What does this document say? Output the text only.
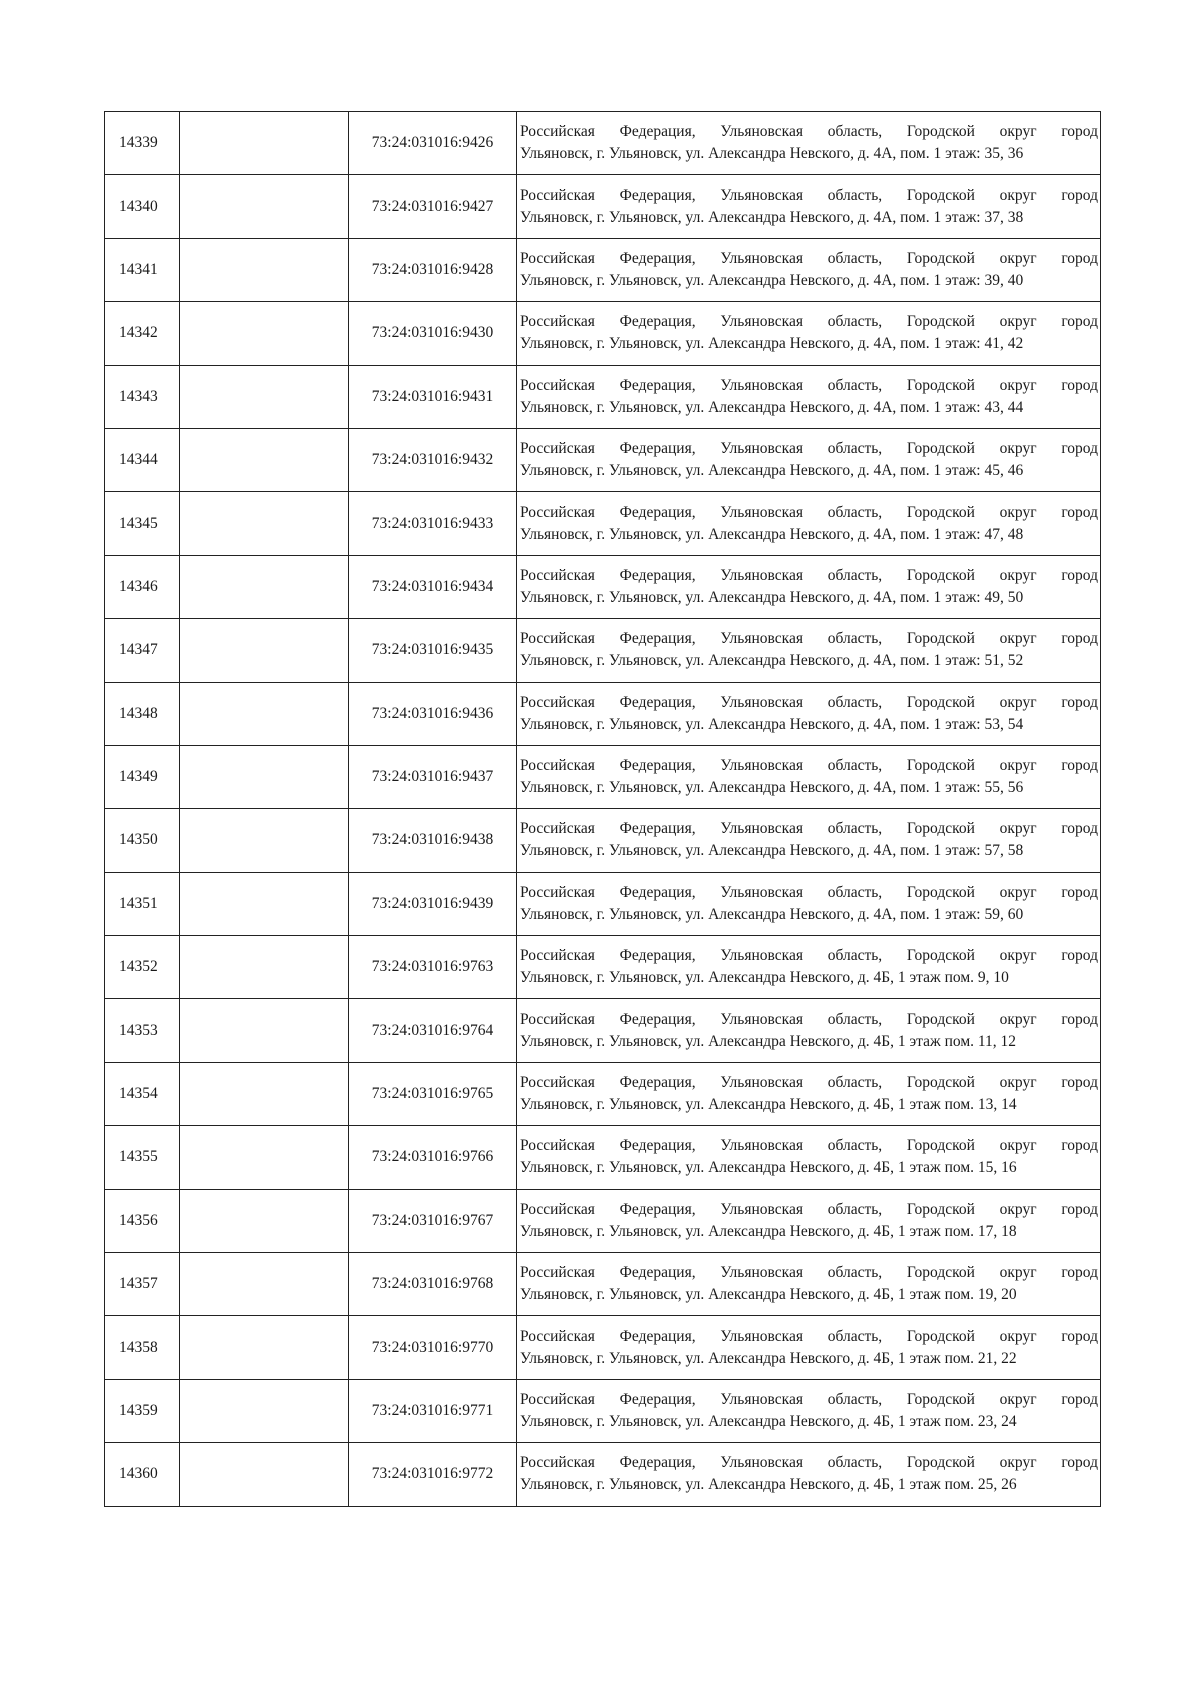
14339		73:24:031016:9426	Российская Федерация, Ульяновская область, Городской округ город
Ульяновск, г. Ульяновск, ул. Александра Невского, д. 4А, пом. 1 этаж: 35, 36

14340		73:24:031016:9427	Российская Федерация, Ульяновская область, Городской округ город
Ульяновск, г. Ульяновск, ул. Александра Невского, д. 4А, пом. 1 этаж: 37, 38

14341		73:24:031016:9428	Российская Федерация, Ульяновская область, Городской округ город
Ульяновск, г. Ульяновск, ул. Александра Невского, д. 4А, пом. 1 этаж: 39, 40

14342		73:24:031016:9430	Российская Федерация, Ульяновская область, Городской округ город
Ульяновск, г. Ульяновск, ул. Александра Невского, д. 4А, пом. 1 этаж: 41, 42

14343		73:24:031016:9431	Российская Федерация, Ульяновская область, Городской округ город
Ульяновск, г. Ульяновск, ул. Александра Невского, д. 4А, пом. 1 этаж: 43, 44

14344		73:24:031016:9432	Российская Федерация, Ульяновская область, Городской округ город
Ульяновск, г. Ульяновск, ул. Александра Невского, д. 4А, пом. 1 этаж: 45, 46

14345		73:24:031016:9433	Российская Федерация, Ульяновская область, Городской округ город
Ульяновск, г. Ульяновск, ул. Александра Невского, д. 4А, пом. 1 этаж: 47, 48

14346		73:24:031016:9434	Российская Федерация, Ульяновская область, Городской округ город
Ульяновск, г. Ульяновск, ул. Александра Невского, д. 4А, пом. 1 этаж: 49, 50

14347		73:24:031016:9435	Российская Федерация, Ульяновская область, Городской округ город
Ульяновск, г. Ульяновск, ул. Александра Невского, д. 4А, пом. 1 этаж: 51, 52

14348		73:24:031016:9436	Российская Федерация, Ульяновская область, Городской округ город
Ульяновск, г. Ульяновск, ул. Александра Невского, д. 4А, пом. 1 этаж: 53, 54

14349		73:24:031016:9437	Российская Федерация, Ульяновская область, Городской округ город
Ульяновск, г. Ульяновск, ул. Александра Невского, д. 4А, пом. 1 этаж: 55, 56

14350		73:24:031016:9438	Российская Федерация, Ульяновская область, Городской округ город
Ульяновск, г. Ульяновск, ул. Александра Невского, д. 4А, пом. 1 этаж: 57, 58

14351		73:24:031016:9439	Российская Федерация, Ульяновская область, Городской округ город
Ульяновск, г. Ульяновск, ул. Александра Невского, д. 4А, пом. 1 этаж: 59, 60

14352		73:24:031016:9763	Российская Федерация, Ульяновская область, Городской округ город
Ульяновск, г. Ульяновск, ул. Александра Невского, д. 4Б, 1 этаж пом. 9, 10

14353		73:24:031016:9764	Российская Федерация, Ульяновская область, Городской округ город
Ульяновск, г. Ульяновск, ул. Александра Невского, д. 4Б, 1 этаж пом. 11, 12

14354		73:24:031016:9765	Российская Федерация, Ульяновская область, Городской округ город
Ульяновск, г. Ульяновск, ул. Александра Невского, д. 4Б, 1 этаж пом. 13, 14

14355		73:24:031016:9766	Российская Федерация, Ульяновская область, Городской округ город
Ульяновск, г. Ульяновск, ул. Александра Невского, д. 4Б, 1 этаж пом. 15, 16

14356		73:24:031016:9767	Российская Федерация, Ульяновская область, Городской округ город
Ульяновск, г. Ульяновск, ул. Александра Невского, д. 4Б, 1 этаж пом. 17, 18

14357		73:24:031016:9768	Российская Федерация, Ульяновская область, Городской округ город
Ульяновск, г. Ульяновск, ул. Александра Невского, д. 4Б, 1 этаж пом. 19, 20

14358		73:24:031016:9770	Российская Федерация, Ульяновская область, Городской округ город
Ульяновск, г. Ульяновск, ул. Александра Невского, д. 4Б, 1 этаж пом. 21, 22

14359		73:24:031016:9771	Российская Федерация, Ульяновская область, Городской округ город
Ульяновск, г. Ульяновск, ул. Александра Невского, д. 4Б, 1 этаж пом. 23, 24

14360		73:24:031016:9772	Российская Федерация, Ульяновская область, Городской округ город
Ульяновск, г. Ульяновск, ул. Александра Невского, д. 4Б, 1 этаж пом. 25, 26
